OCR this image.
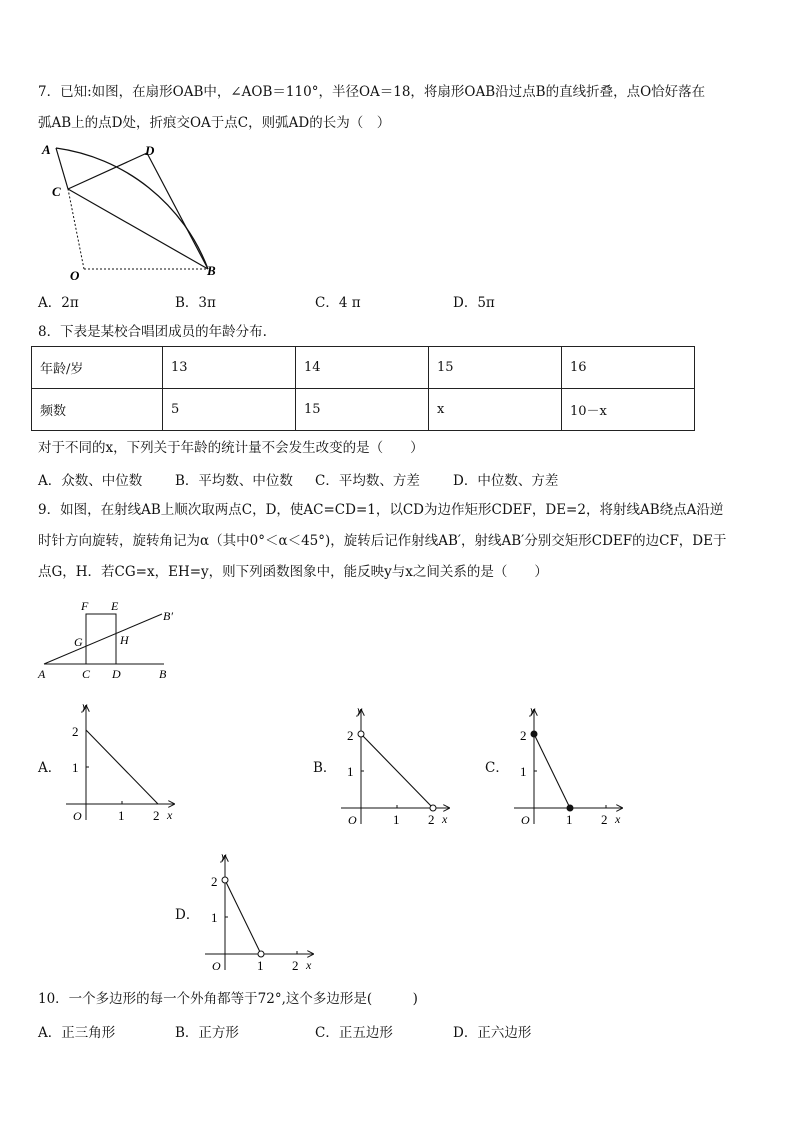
7．已知:如图，在扇形OAB中，∠AOB＝110°，半径OA＝18，将扇形OAB沿过点B的直线折叠，点O恰好落在
弧AB上的点D处，折痕交OA于点C，则弧AD的长为（　）
A	D
C
O	B
A．2π	B．3π	C．4 π	D．5π
8．下表是某校合唱团成员的年龄分布.
年龄/岁	13	14	15	16
频数	5	15	x	10－x
对于不同的x，下列关于年龄的统计量不会发生改变的是（　　）
A．众数、中位数 B．平均数、中位数 C．平均数、方差 D．中位数、方差
9．如图，在射线AB上顺次取两点C，D，使AC=CD=1，以CD为边作矩形CDEF，DE=2，将射线AB绕点A沿逆
时针方向旋转，旋转角记为α（其中0°＜α＜45°)，旋转后记作射线AB′，射线AB′分别交矩形CDEF的边CF，DE于
点G，H．若CG=x，EH=y，则下列函数图象中，能反映y与x之间关系的是（　　）
F E
B′
G	H
A	C D	B
A．
y
x
O	1 2
1
2
B．
y
x
O	1 2
1
2
C．
y
x
O	1 2
1
2
D．
y
x
O	1 2
1
2
10．一个多边形的每一个外角都等于72°,这个多边形是(　　　)
A．正三角形	B．正方形	C．正五边形	D．正六边形
